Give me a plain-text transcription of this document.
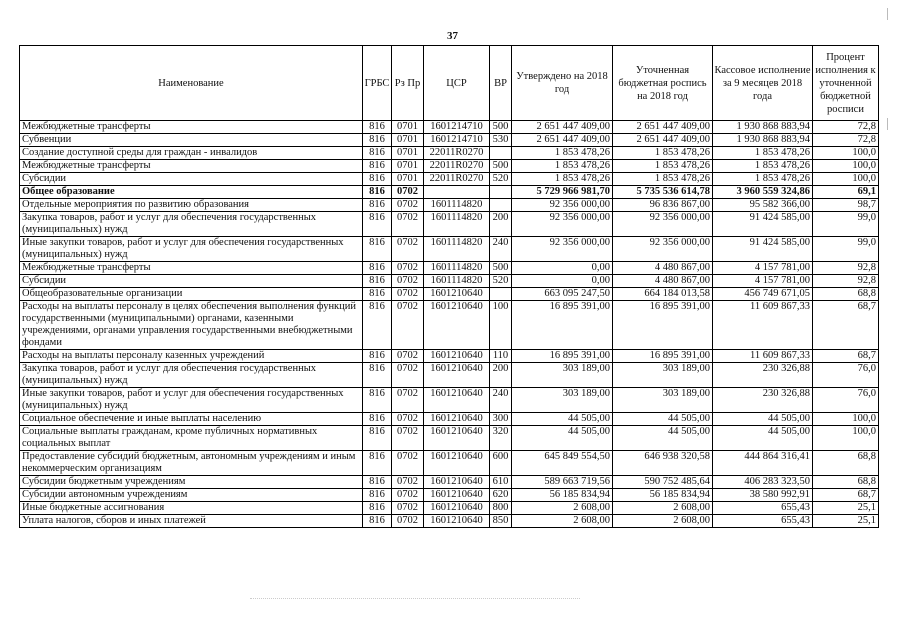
37
Наименование	ГРБС	Рз Пр	ЦСР	ВР	Утверждено на 2018 год	Уточненная бюджетная роспись на 2018 год	Кассовое исполнение за 9 месяцев 2018 года	Процент исполнения к уточненной бюджетной росписи
Межбюджетные трансферты	816	0701	1601214710	500	2 651 447 409,00	2 651 447 409,00	1 930 868 883,94	72,8
Субвенции	816	0701	1601214710	530	2 651 447 409,00	2 651 447 409,00	1 930 868 883,94	72,8
Создание доступной среды для граждан - инвалидов	816	0701	22011R0270		1 853 478,26	1 853 478,26	1 853 478,26	100,0
Межбюджетные трансферты	816	0701	22011R0270	500	1 853 478,26	1 853 478,26	1 853 478,26	100,0
Субсидии	816	0701	22011R0270	520	1 853 478,26	1 853 478,26	1 853 478,26	100,0
Общее образование	816	0702			5 729 966 981,70	5 735 536 614,78	3 960 559 324,86	69,1
Отдельные мероприятия по развитию образования	816	0702	1601114820		92 356 000,00	96 836 867,00	95 582 366,00	98,7
Закупка товаров, работ и услуг для обеспечения государственных (муниципальных) нужд	816	0702	1601114820	200	92 356 000,00	92 356 000,00	91 424 585,00	99,0
Иные закупки товаров, работ и услуг для обеспечения государственных (муниципальных) нужд	816	0702	1601114820	240	92 356 000,00	92 356 000,00	91 424 585,00	99,0
Межбюджетные трансферты	816	0702	1601114820	500	0,00	4 480 867,00	4 157 781,00	92,8
Субсидии	816	0702	1601114820	520	0,00	4 480 867,00	4 157 781,00	92,8
Общеобразовательные организации	816	0702	1601210640		663 095 247,50	664 184 013,58	456 749 671,05	68,8
Расходы на выплаты персоналу в целях обеспечения выполнения функций государственными (муниципальными) органами, казенными учреждениями, органами управления государственными внебюджетными фондами	816	0702	1601210640	100	16 895 391,00	16 895 391,00	11 609 867,33	68,7
Расходы на выплаты персоналу казенных учреждений	816	0702	1601210640	110	16 895 391,00	16 895 391,00	11 609 867,33	68,7
Закупка товаров, работ и услуг для обеспечения государственных (муниципальных) нужд	816	0702	1601210640	200	303 189,00	303 189,00	230 326,88	76,0
Иные закупки товаров, работ и услуг для обеспечения государственных (муниципальных) нужд	816	0702	1601210640	240	303 189,00	303 189,00	230 326,88	76,0
Социальное обеспечение и иные выплаты населению	816	0702	1601210640	300	44 505,00	44 505,00	44 505,00	100,0
Социальные выплаты гражданам, кроме публичных нормативных социальных выплат	816	0702	1601210640	320	44 505,00	44 505,00	44 505,00	100,0
Предоставление субсидий бюджетным, автономным учреждениям и иным некоммерческим организациям	816	0702	1601210640	600	645 849 554,50	646 938 320,58	444 864 316,41	68,8
Субсидии бюджетным учреждениям	816	0702	1601210640	610	589 663 719,56	590 752 485,64	406 283 323,50	68,8
Субсидии автономным учреждениям	816	0702	1601210640	620	56 185 834,94	56 185 834,94	38 580 992,91	68,7
Иные бюджетные ассигнования	816	0702	1601210640	800	2 608,00	2 608,00	655,43	25,1
Уплата налогов, сборов и иных платежей	816	0702	1601210640	850	2 608,00	2 608,00	655,43	25,1
